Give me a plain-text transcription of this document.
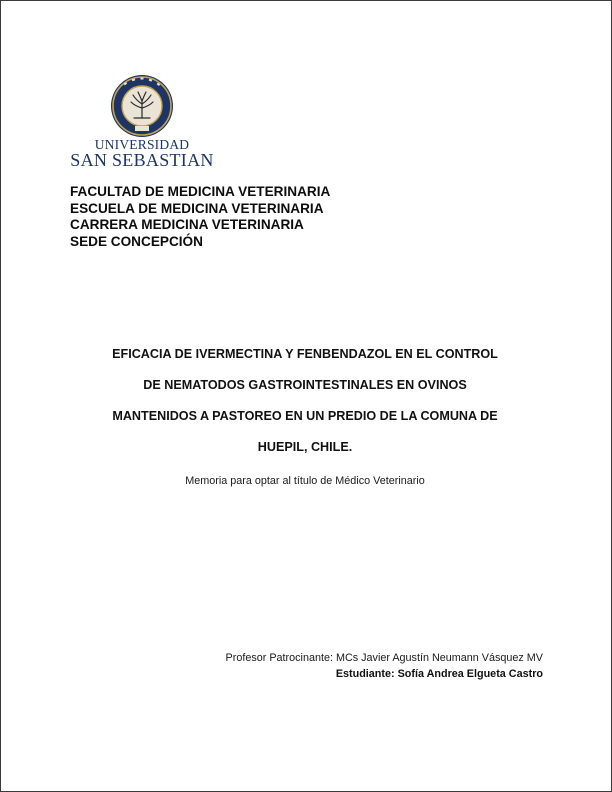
UNIVERSIDAD
SAN SEBASTIAN
FACULTAD DE MEDICINA VETERINARIA
ESCUELA DE MEDICINA VETERINARIA
CARRERA MEDICINA VETERINARIA
SEDE CONCEPCIÓN
EFICACIA DE IVERMECTINA Y FENBENDAZOL EN EL CONTROL
DE NEMATODOS GASTROINTESTINALES EN OVINOS
MANTENIDOS A PASTOREO EN UN PREDIO DE LA COMUNA DE
HUEPIL, CHILE.
Memoria para optar al título de Médico Veterinario
Profesor Patrocinante: MCs Javier Agustín Neumann Vásquez MV
Estudiante: Sofía Andrea Elgueta Castro
